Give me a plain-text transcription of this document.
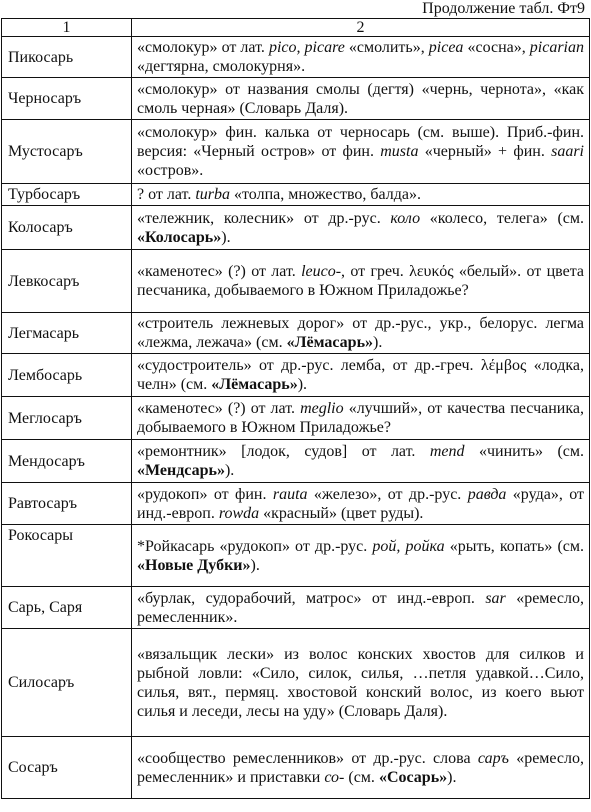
Продолжение табл. Фт9
1	2
Пикосарь	«смолокур» от лат. pico, picare «смолить», picea «сосна», picarian «дегтярна, смолокурня».
Черносаръ	«смолокур» от названия смолы (дегтя) «чернь, чернота», «как смоль черная» (Словарь Даля).
Мустосаръ	«смолокур» фин. калька от черносарь (см. выше). Приб.-фин. версия: «Черный остров» от фин. musta «черный» + фин. saari «остров».
Турбосаръ	? от лат. turba «толпа, множество, балда».
Колосаръ	«тележник, колесник» от др.-рус. коло «колесо, телега» (см. «Колосарь»).
Левкосаръ	«каменотес» (?) от лат. leuco-, от греч. λευκός «белый». от цвета песчаника, добываемого в Южном Приладожье?
Легмасарь	«строитель лежневых дорог» от др.-рус., укр., белорус. легма «лежма, лежача» (см. «Лёмасарь»).
Лембосарь	«судостроитель» от др.-рус. лемба, от др.-греч. λέμβος «лодка, челн» (см. «Лёмасарь»).
Меглосаръ	«каменотес» (?) от лат. meglio «лучший», от качества песчаника, добываемого в Южном Приладожье?
Мендосаръ	«ремонтник» [лодок, судов] от лат. mend «чинить» (см. «Мендсарь»).
Равтосаръ	«рудокоп» от фин. rauta «железо», от др.-рус. равда «руда», от инд.-европ. rowda «красный» (цвет руды).
Рокосары	*Ройкасарь «рудокоп» от др.-рус. рой, ройка «рыть, копать» (см. «Новые Дубки»).
Сарь, Саря	«бурлак, судорабочий, матрос» от инд.-европ. sar «ремесло, ремесленник».
Силосаръ	«вязальщик лески» из волос конских хвостов для силков и рыбной ловли: «Сило, силок, силья, …петля удавкой…Сило, силья, вят., пермяц. хвостовой конский волос, из коего вьют силья и леседи, лесы на уду» (Словарь Даля).
Сосаръ	«сообщество ремесленников» от др.-рус. слова саръ «ремесло, ремесленник» и приставки со- (см. «Сосарь»).
